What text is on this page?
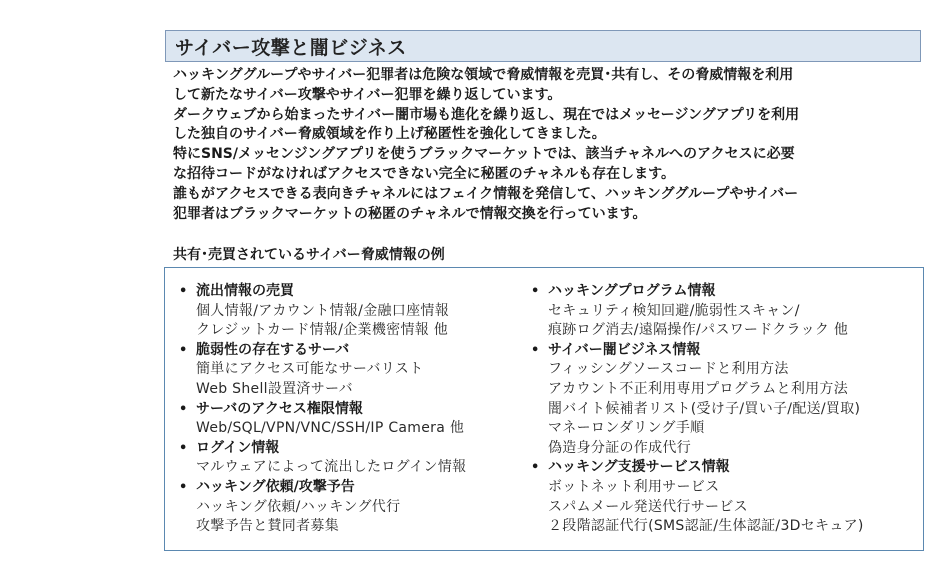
サイバー攻撃と闇ビジネス

ハッキンググループやサイバー犯罪者は危険な領域で脅威情報を売買･共有し、その脅威情報を利用

して新たなサイバー攻撃やサイバー犯罪を繰り返しています。

ダークウェブから始まったサイバー闇市場も進化を繰り返し、現在ではメッセージングアプリを利用

した独自のサイバー脅威領域を作り上げ秘匿性を強化してきました。

特にSNS/メッセンジングアプリを使うブラックマーケットでは、該当チャネルへのアクセスに必要

な招待コードがなければアクセスできない完全に秘匿のチャネルも存在します。

誰もがアクセスできる表向きチャネルにはフェイク情報を発信して、ハッキンググループやサイバー

犯罪者はブラックマーケットの秘匿のチャネルで情報交換を行っています。

共有･売買されているサイバー脅威情報の例
• 流出情報の売買
個人情報/アカウント情報/金融口座情報
クレジットカード情報/企業機密情報 他
• 脆弱性の存在するサーバ
簡単にアクセス可能なサーバリスト
Web Shell設置済サーバ
• サーバのアクセス権限情報
Web/SQL/VPN/VNC/SSH/IP Camera 他
• ログイン情報
マルウェアによって流出したログイン情報
• ハッキング依頼/攻撃予告
ハッキング依頼/ハッキング代行
攻撃予告と賛同者募集
• ハッキングプログラム情報
セキュリティ検知回避/脆弱性スキャン/
痕跡ログ消去/遠隔操作/パスワードクラック 他
• サイバー闇ビジネス情報
フィッシングソースコードと利用方法
アカウント不正利用専用プログラムと利用方法
闇バイト候補者リスト(受け子/買い子/配送/買取)
マネーロンダリング手順
偽造身分証の作成代行
• ハッキング支援サービス情報
ボットネット利用サービス
スパムメール発送代行サービス
２段階認証代行(SMS認証/生体認証/3Dセキュア)
